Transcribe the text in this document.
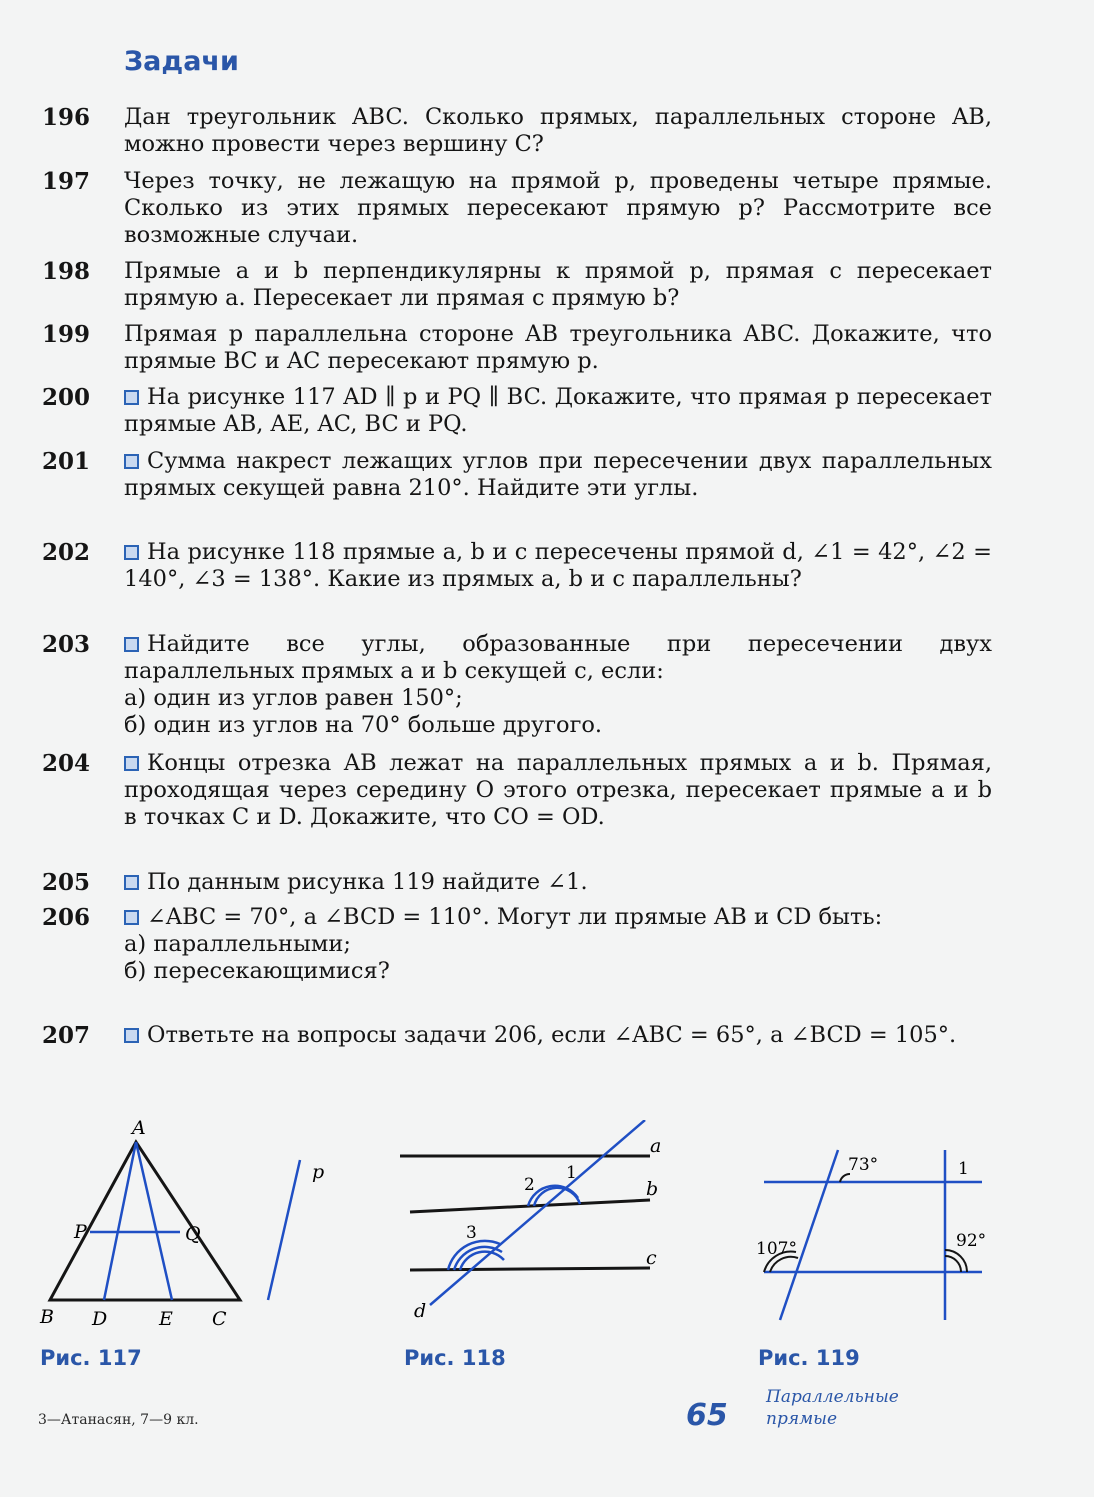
Задачи
196 Дан треугольник ABC. Сколько прямых, параллельных стороне AB, можно провести через вершину C?
197 Через точку, не лежащую на прямой p, проведены четыре прямые. Сколько из этих прямых пересекают прямую p? Рассмотрите все возможные случаи.
198 Прямые a и b перпендикулярны к прямой p, прямая c пересекает прямую a. Пересекает ли прямая c прямую b?
199 Прямая p параллельна стороне AB треугольника ABC. Докажите, что прямые BC и AC пересекают прямую p.
200	На рисунке 117 AD ∥ p и PQ ∥ BC. Докажите, что прямая p пересекает прямые AB, AE, AC, BC и PQ.
201	Сумма накрест лежащих углов при пересечении двух параллельных прямых секущей равна 210°. Найдите эти углы.
202	На рисунке 118 прямые a, b и c пересечены прямой d, ∠1 = 42°, ∠2 = 140°, ∠3 = 138°. Какие из прямых a, b и c параллельны?
203	Найдите все углы, образованные при пересечении двух параллельных прямых a и b секущей c, если:
а) один из углов равен 150°;
б) один из углов на 70° больше другого.
204	Концы отрезка AB лежат на параллельных прямых a и b. Прямая, проходящая через середину O этого отрезка, пересекает прямые a и b в точках C и D. Докажите, что CO = OD.
205	По данным рисунка 119 найдите ∠1.
206	∠ABC = 70°, а ∠BCD = 110°. Могут ли прямые AB и CD быть:
а) параллельными;
б) пересекающимися?
207	Ответьте на вопросы задачи 206, если ∠ABC = 65°, а ∠BCD = 105°.
A
P	Q
B D	E C
p
a
b
c
d
1
2
3
73°	1
107°	92°
Рис. 117	Рис. 118	Рис. 119
3—Атанасян, 7—9 кл.	65
Параллельные
прямые
